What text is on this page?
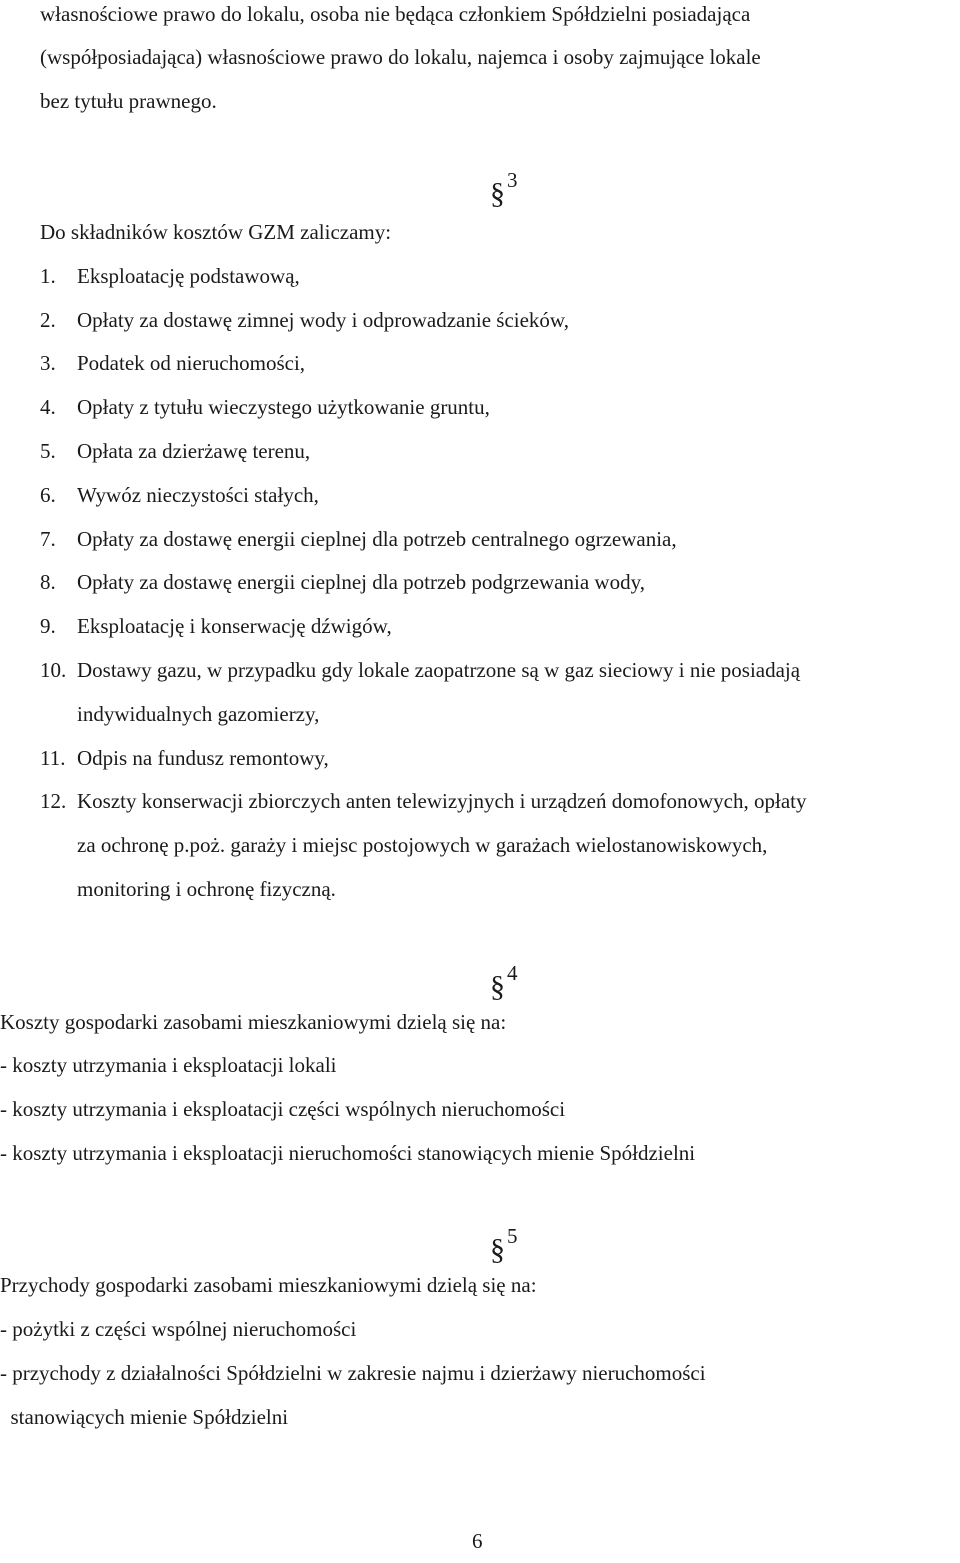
własnościowe prawo do lokalu, osoba nie będąca członkiem Spółdzielni posiadająca
(współposiadająca) własnościowe prawo do lokalu, najemca i osoby zajmujące lokale
bez tytułu prawnego.
§3
Do składników kosztów GZM zaliczamy:
1. Eksploatację podstawową,
2. Opłaty za dostawę zimnej wody i odprowadzanie ścieków,
3. Podatek od nieruchomości,
4. Opłaty z tytułu wieczystego użytkowanie gruntu,
5. Opłata za dzierżawę terenu,
6. Wywóz nieczystości stałych,
7. Opłaty za dostawę energii cieplnej dla potrzeb centralnego ogrzewania,
8. Opłaty za dostawę energii cieplnej dla potrzeb podgrzewania wody,
9. Eksploatację i konserwację dźwigów,
10. Dostawy gazu, w przypadku gdy lokale zaopatrzone są w gaz sieciowy i nie posiadają
indywidualnych gazomierzy,
11. Odpis na fundusz remontowy,
12. Koszty konserwacji zbiorczych anten telewizyjnych i urządzeń domofonowych, opłaty
za ochronę p.poż. garaży i miejsc postojowych w garażach wielostanowiskowych,
monitoring i ochronę fizyczną.
§4
Koszty gospodarki zasobami mieszkaniowymi dzielą się na:
- koszty utrzymania i eksploatacji lokali
- koszty utrzymania i eksploatacji części wspólnych nieruchomości
- koszty utrzymania i eksploatacji nieruchomości stanowiących mienie Spółdzielni
§5
Przychody gospodarki zasobami mieszkaniowymi dzielą się na:
- pożytki z części wspólnej nieruchomości
- przychody z działalności Spółdzielni w zakresie najmu i dzierżawy nieruchomości
stanowiących mienie Spółdzielni
6
